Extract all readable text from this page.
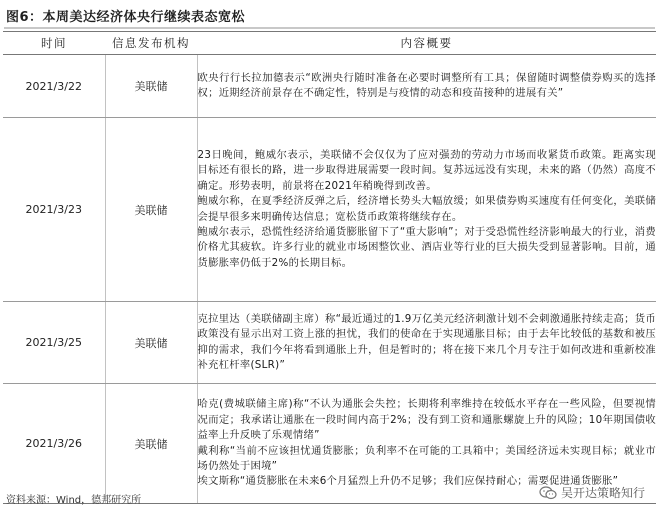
图6：本周美达经济体央行继续表态宽松
时间	信息发布机构	内容概要
2021/3/22	美联储	欧央行行长拉加德表示“欧洲央行随时准备在必要时调整所有工具；保留随时调整债券购买的选择权；近期经济前景存在不确定性，特别是与疫情的动态和疫苗接种的进展有关”

2021/3/23	美联储	23日晚间，鲍威尔表示，美联储不会仅仅为了应对强劲的劳动力市场而收紧货币政策。距离实现目标还有很长的路，进一步取得进展需要一段时间。复苏远远没有实现，未来的路（仍然）高度不确定。形势表明，前景将在2021年稍晚得到改善。

鲍威尔称，在夏季经济反弹之后，经济增长势头大幅放缓；如果债券购买速度有任何变化，美联储会提早很多来明确传达信息；宽松货币政策将继续存在。

鲍威尔表示，恐慌性经济给通货膨胀留下了“重大影响”；对于受恐慌性经济影响最大的行业，消费价格尤其疲软。许多行业的就业市场困整饮业、酒店业等行业的巨大损失受到显著影响。目前，通货膨胀率仍低于2%的长期目标。

2021/3/25	美联储	克拉里达（美联储副主席）称“最近通过的1.9万亿美元经济刺激计划不会刺激通胀持续走高；货币政策没有显示出对工资上涨的担忧，我们的使命在于实现通胀目标；由于去年比较低的基数和被压抑的需求，我们今年将看到通胀上升，但是暂时的；将在接下来几个月专注于如何改进和重新校准补充杠杆率(SLR)”

2021/3/26	美联储	哈克(费城联储主席)称“不认为通胀会失控；长期将利率维持在较低水平存在一些风险，但要视情况而定；我承诺让通胀在一段时间内高于2%；没有到工资和通胀螺旋上升的风险；10年期国债收益率上升反映了乐观情绪”

戴利称“当前不应该担忧通货膨胀；负利率不在可能的工具箱中；美国经济远未实现目标；就业市场仍然处于困境”

埃文斯称“通货膨胀在未来6个月猛烈上升仍不足够；我们应保持耐心；需要促进通货膨胀”

资料来源：Wind，德邦研究所
吴开达策略知行
